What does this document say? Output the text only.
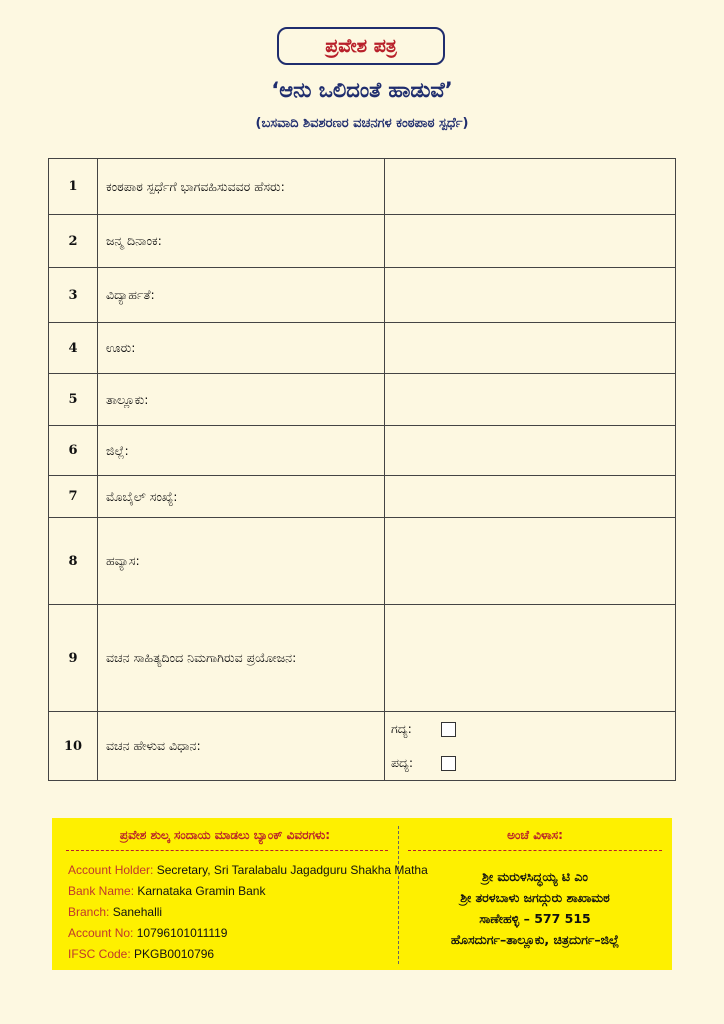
ಪ್ರವೇಶ ಪತ್ರ
‘ಆನು ಒಲಿದಂತೆ ಹಾಡುವೆ’
(ಬಸವಾದಿ ಶಿವಶರಣರ ವಚನಗಳ ಕಂಠಪಾಠ ಸ್ಪರ್ಧೆ)
1	ಕಂಠಪಾಠ ಸ್ಪರ್ಧೆಗೆ ಭಾಗವಹಿಸುವವರ ಹೆಸರು:	
2	ಜನ್ಮ ದಿನಾಂಕ:	
3	ವಿದ್ಯಾರ್ಹತೆ:	
4	ಊರು:	
5	ತಾಲ್ಲೂಕು:	
6	ಜಿಲ್ಲೆ:	
7	ಮೊಬೈಲ್ ಸಂಖ್ಯೆ:	
8	ಹವ್ಯಾಸ:	
9	ವಚನ ಸಾಹಿತ್ಯದಿಂದ ನಿಮಗಾಗಿರುವ ಪ್ರಯೋಜನ:	
10	ವಚನ ಹೇಳುವ ವಿಧಾನ:	ಗದ್ಯ:
ಪದ್ಯ:
ಪ್ರವೇಶ ಶುಲ್ಕ ಸಂದಾಯ ಮಾಡಲು ಬ್ಯಾಂಕ್ ವಿವರಗಳು:
Account Holder: Secretary, Sri Taralabalu Jagadguru Shakha Matha
Bank Name: Karnataka Gramin Bank
Branch: Sanehalli
Account No: 10796101011119
IFSC Code: PKGB0010796
ಅಂಚೆ ವಿಳಾಸ:
ಶ್ರೀ ಮರುಳಸಿದ್ಧಯ್ಯ ಟಿ ಎಂ
ಶ್ರೀ ತರಳಬಾಳು ಜಗದ್ಗುರು ಶಾಖಾಮಠ
ಸಾಣೇಹಳ್ಳಿ – 577 515
ಹೊಸದುರ್ಗ–ತಾಲ್ಲೂಕು, ಚಿತ್ರದುರ್ಗ–ಜಿಲ್ಲೆ
